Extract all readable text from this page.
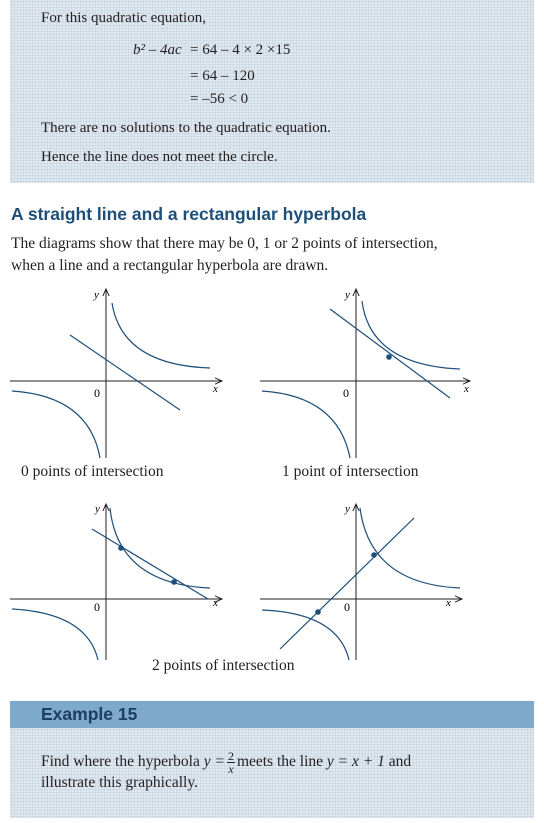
For this quadratic equation,
b² – 4ac = 64 – 4 × 2 ×15
= 64 – 120
= –56 < 0
There are no solutions to the quadratic equation.
Hence the line does not meet the circle.
A straight line and a rectangular hyperbola
The diagrams show that there may be 0, 1 or 2 points of intersection,
when a line and a rectangular hyperbola are drawn.
x
y
0	x
y
0
0 points of intersection	1 point of intersection
x
y
0	x
y
0
2 points of intersection
Example 15
Find where the hyperbola $y = \frac{2}{x}$ meets the line y = x + 1 and
illustrate this graphically.
